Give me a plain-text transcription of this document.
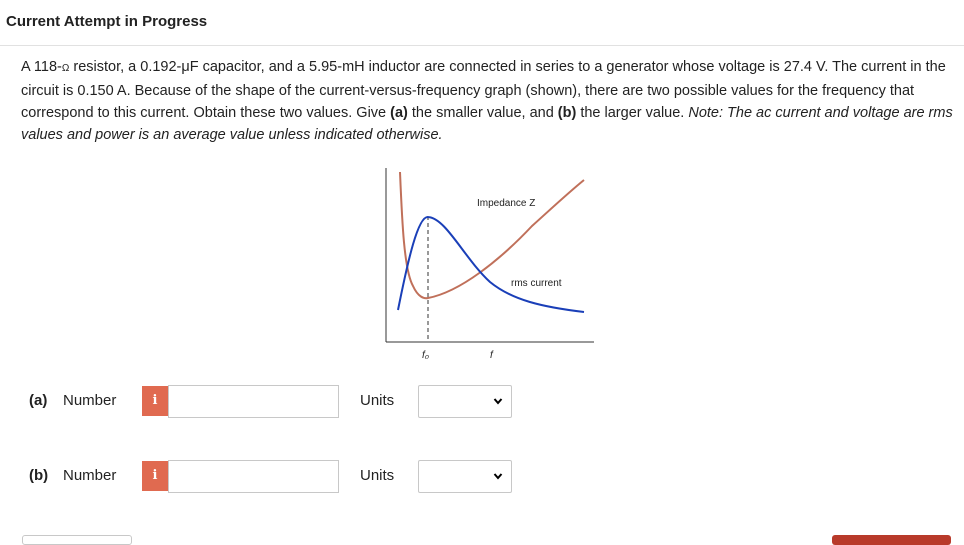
Current Attempt in Progress
A 118-Ω resistor, a 0.192-μF capacitor, and a 5.95-mH inductor are connected in series to a generator whose voltage is 27.4 V. The current in the circuit is 0.150 A. Because of the shape of the current-versus-frequency graph (shown), there are two possible values for the frequency that correspond to this current. Obtain these two values. Give (a) the smaller value, and (b) the larger value. Note: The ac current and voltage are rms values and power is an average value unless indicated otherwise.
Impedance Z
rms current
f₀	f
(a) Number	i	Units
(b) Number	i	Units
